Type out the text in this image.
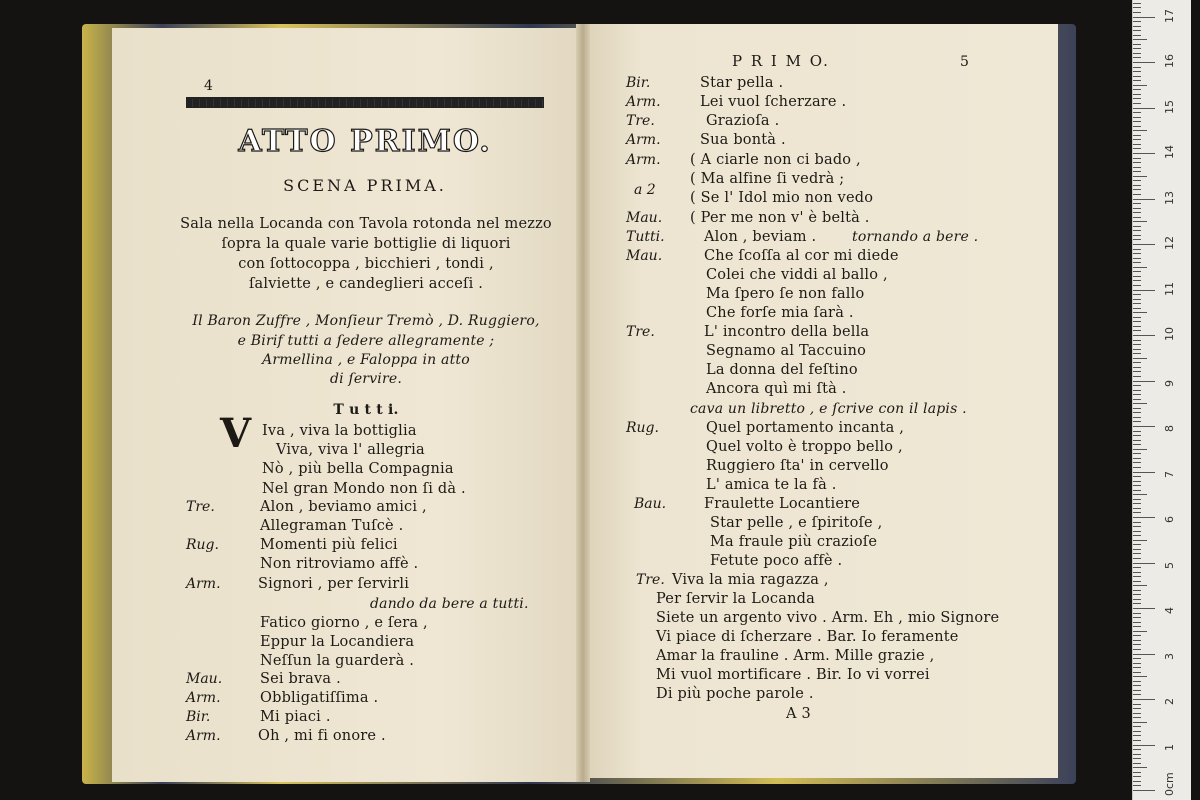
4
ATTO PRIMO.
SCENA PRIMA.
Sala nella Locanda con Tavola rotonda nel mezzo
ſopra la quale varie bottiglie di liquori
con ſottocoppa , bicchieri , tondi ,
ſalviette , e candeglieri acceſi .
Il Baron Zuffre , Monſieur Tremò , D. Ruggiero,
e Birif tutti a ſedere allegramente ;
Armellina , e Faloppa in atto
di ſervire.
T u t t i.
V Iva , viva la bottiglia
Viva, viva l' allegria
Nò , più bella Compagnia
Nel gran Mondo non ſi dà .
Tre.	Alon , beviamo amici ,
Allegraman Tuſcè .
Rug.	Momenti più felici
Non ritroviamo affè .
Arm.	Signori , per ſervirli
dando da bere a tutti.
Fatico giorno , e ſera ,
Eppur la Locandiera
Neſſun la guarderà .
Mau.	Sei brava .
Arm.	Obbligatiſſima .
Bir.	Mi piaci .
Arm.	Oh , mi fi onore .
P R I M O.	5
Bir.	Star pella .
Arm.	Lei vuol ſcherzare .
Tre.	Grazioſa .
Arm.	Sua bontà .
Arm. ( A ciarle non ci bado ,
( Ma alfine ſi vedrà ;
a 2 ( Se l' Idol mio non vedo
Mau. ( Per me non v' è beltà .
Tutti.	Alon , beviam .	tornando a bere .
Mau.	Che ſcoſſa al cor mi diede
Colei che viddi al ballo ,
Ma ſpero ſe non fallo
Che forſe mia ſarà .
Tre.	L' incontro della bella
Segnamo al Taccuino
La donna del feſtino
Ancora quì mi ſtà .
cava un libretto , e ſcrive con il lapis .
Rug.	Quel portamento incanta ,
Quel volto è troppo bello ,
Ruggiero ſta' in cervello
L' amica te la fà .
Bau.	Fraulette Locantiere
Star pelle , e ſpiritoſe ,
Ma fraule più crazioſe
Fetute poco affè .
Tre. Viva la mia ragazza ,
Per ſervir la Locanda
Siete un argento vivo . Arm. Eh , mio Signore
Vi piace di ſcherzare . Bar. Io feramente
Amar la frauline . Arm. Mille grazie ,
Mi vuol mortificare . Bir. Io vi vorrei
Di più poche parole .
A 3
0cm
1
2
3
4
5
6
7
8
9
10
11
12
13
14
15
16
17
